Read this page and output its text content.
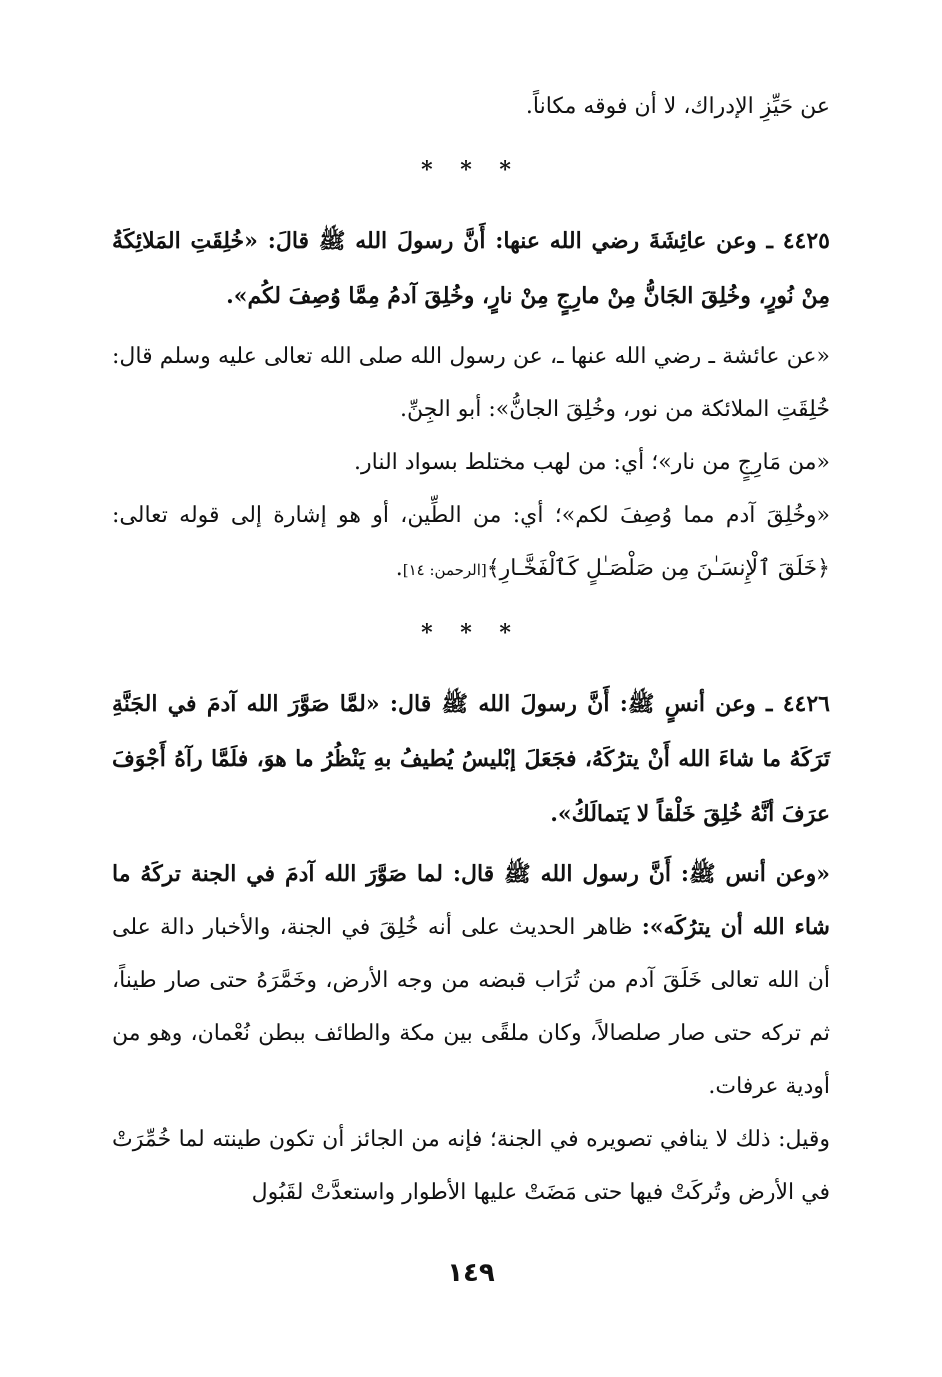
عن حَيِّزِ الإدراك، لا أن فوقه مكاناً.

* * *

٤٤٢٥ ـ وعن عائِشَةَ رضي الله عنها: أَنَّ رسولَ الله ﷺ قالَ: «خُلِقَتِ المَلائِكَةُ مِنْ نُورٍ، وخُلِقَ الجَانُّ مِنْ مارِجٍ مِنْ نارٍ، وخُلِقَ آدمُ مِمَّا وُصِفَ لكُم».

«عن عائشة ـ رضي الله عنها ـ، عن رسول الله صلى الله تعالى عليه وسلم قال: خُلِقَتِ الملائكة من نور، وخُلِقَ الجانُّ»: أبو الجِنِّ.

«من مَارِجٍ من نار»؛ أي: من لهب مختلط بسواد النار.

«وخُلِقَ آدم مما وُصِفَ لكم»؛ أي: من الطِّين، أو هو إشارة إلى قوله تعالى: ﴿خَلَقَ ٱلْإِنسَـٰنَ مِن صَلْصَـٰلٍ كَٱلْفَخَّـارِ﴾[الرحمن: ١٤].

* * *

٤٤٢٦ ـ وعن أنسٍ ﷺ: أَنَّ رسولَ الله ﷺ قال: «لمَّا صَوَّرَ الله آدمَ في الجَنَّةِ تَرَكَهُ ما شاءَ الله أَنْ يترُكَهُ، فجَعَلَ إبْليسُ يُطيفُ بهِ يَنْظُرُ ما هوَ، فلَمَّا رآهُ أَجْوَفَ عرَفَ أنَّهُ خُلِقَ خَلْقاً لا يَتمالَكُ».

«وعن أنس ﷺ: أَنَّ رسول الله ﷺ قال: لما صَوَّرَ الله آدمَ في الجنة تركَهُ ما شاء الله أن يترُكَه»: ظاهر الحديث على أنه خُلِقَ في الجنة، والأخبار دالة على أن الله تعالى خَلَقَ آدم من تُرَاب قبضه من وجه الأرض، وخَمَّرَهُ حتى صار طيناً، ثم تركه حتى صار صلصالاً، وكان ملقًى بين مكة والطائف ببطن نُعْمان، وهو من أودية عرفات.

وقيل: ذلك لا ينافي تصويره في الجنة؛ فإنه من الجائز أن تكون طينته لما خُمِّرَتْ في الأرض وتُركَتْ فيها حتى مَضَتْ عليها الأطوار واستعدَّتْ لقَبُول

١٤٩
